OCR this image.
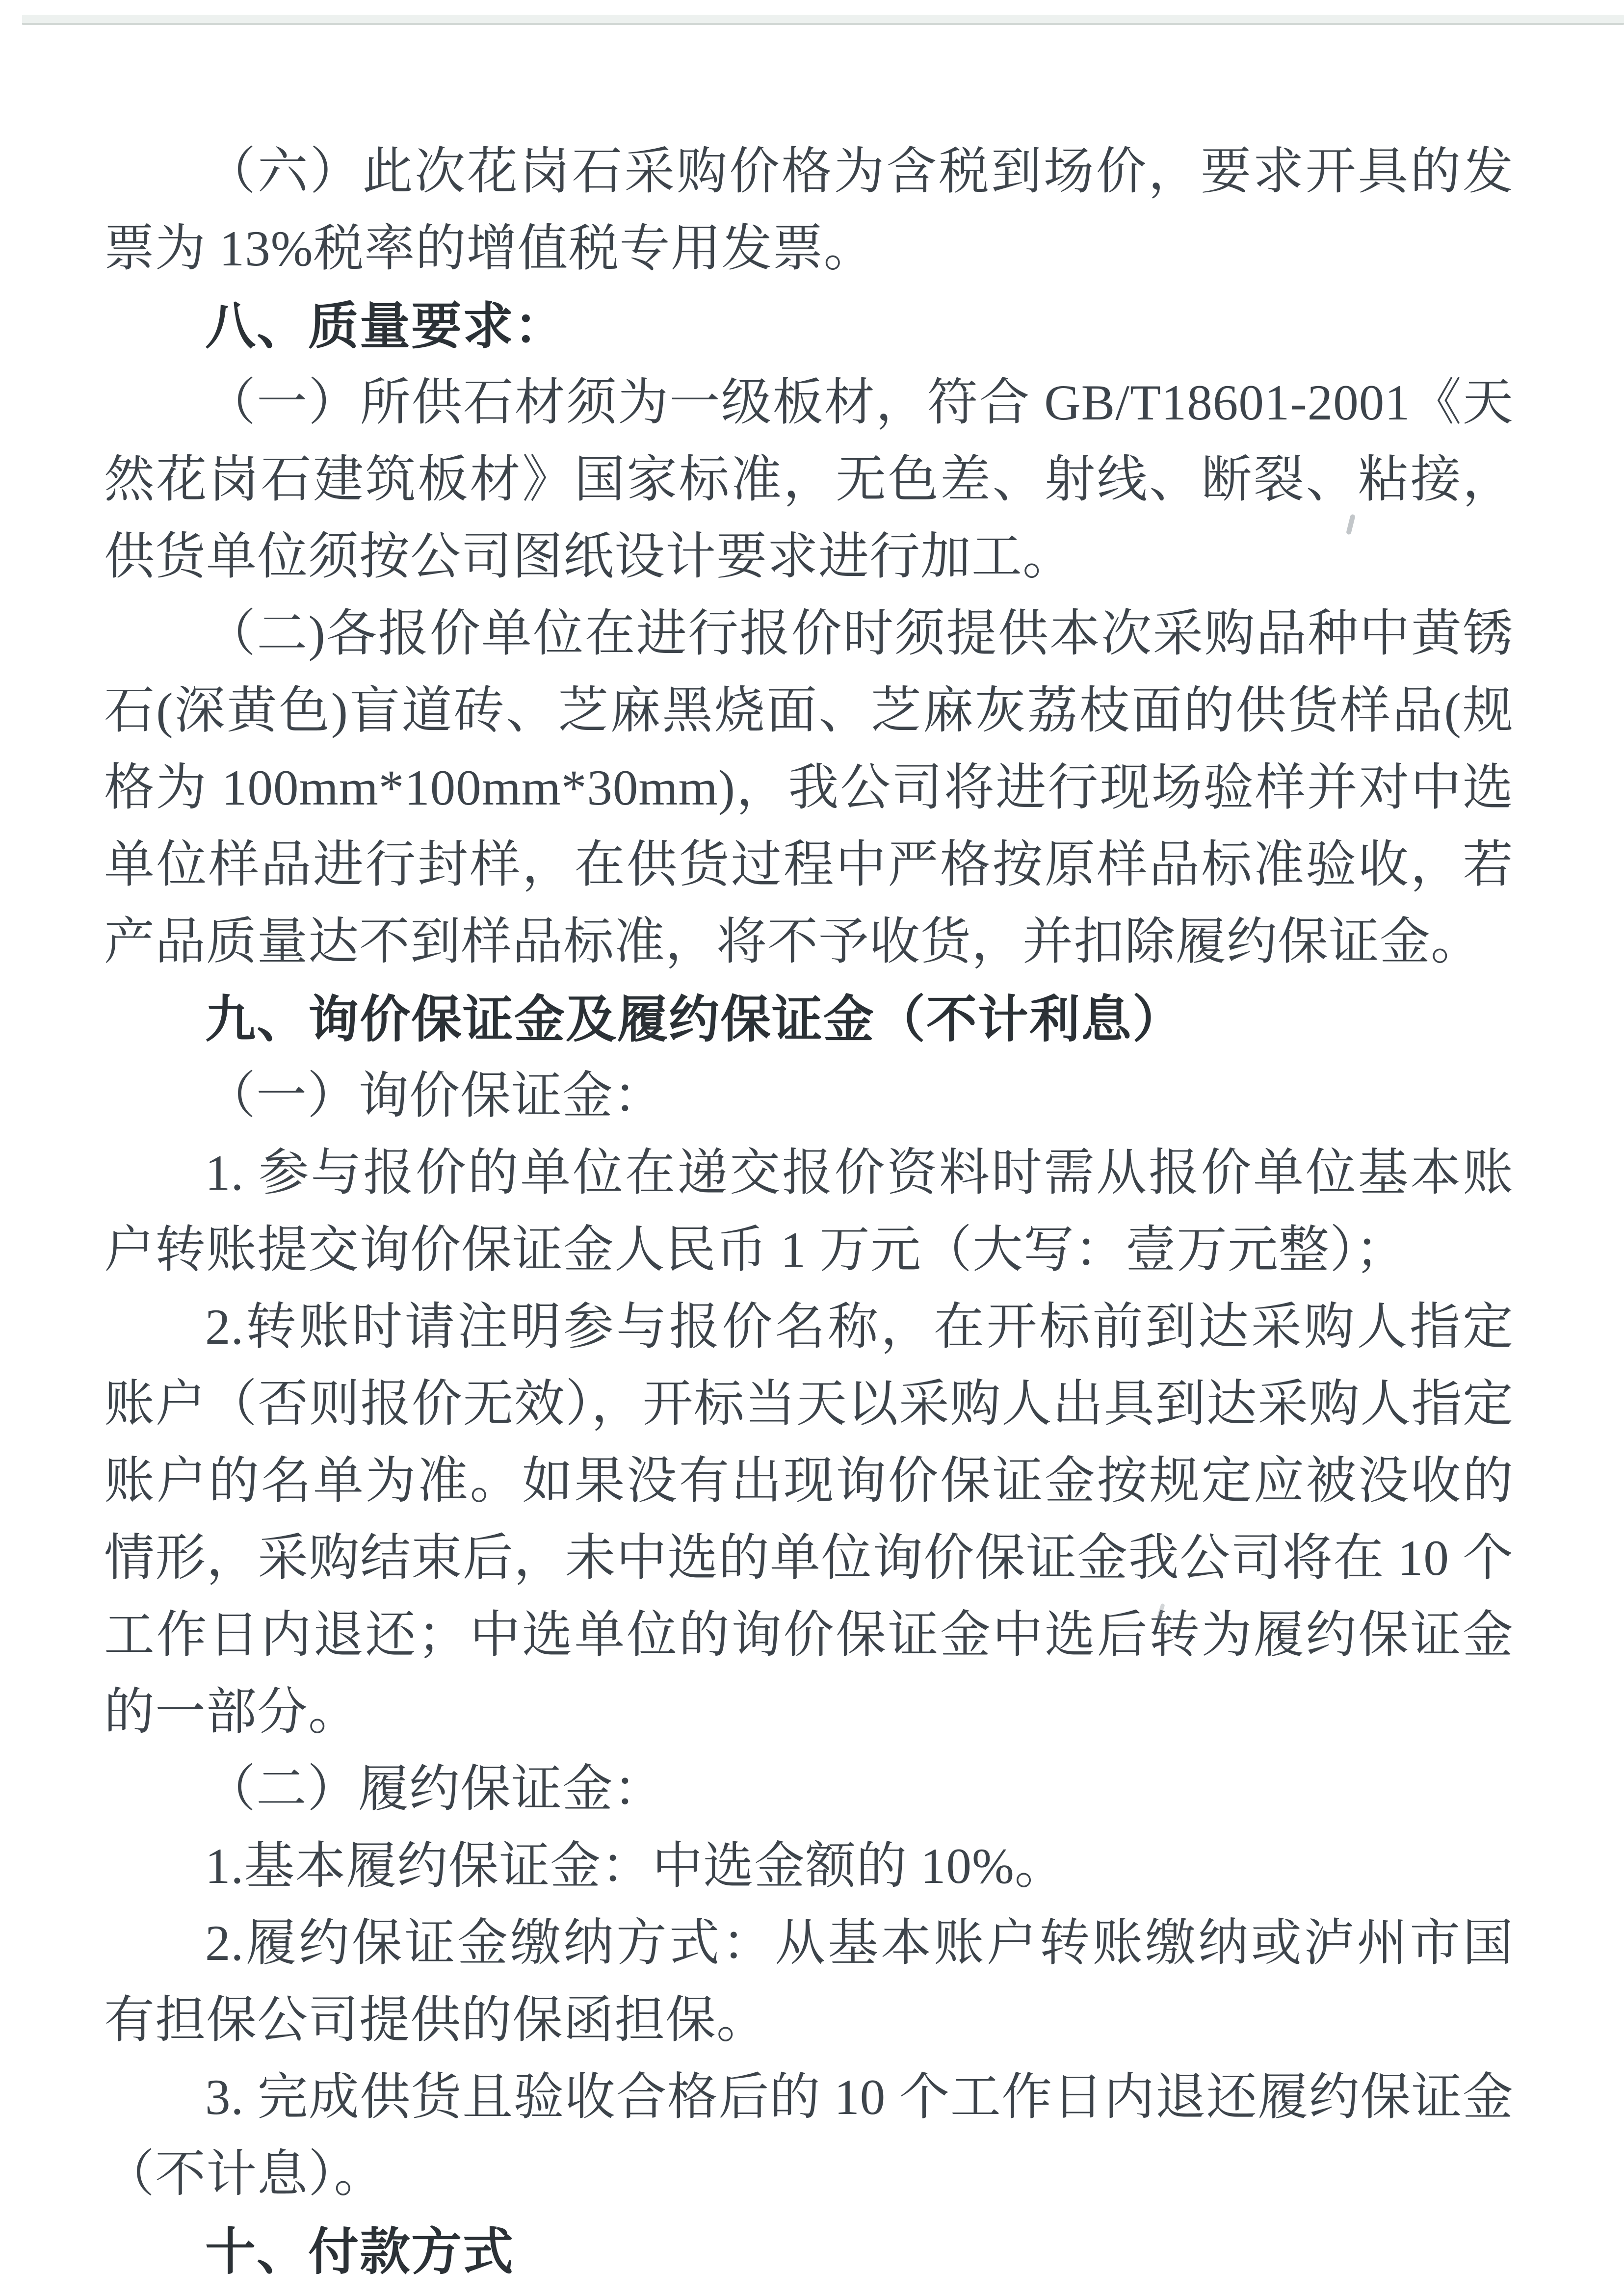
（六）此次花岗石采购价格为含税到场价，要求开具的发票为 13%税率的增值税专用发票。

八、质量要求：

（一）所供石材须为一级板材，符合 GB/T18601-2001《天然花岗石建筑板材》国家标准，无色差、射线、断裂、粘接，供货单位须按公司图纸设计要求进行加工。

（二)各报价单位在进行报价时须提供本次采购品种中黄锈石(深黄色)盲道砖、芝麻黑烧面、芝麻灰荔枝面的供货样品(规格为 100mm*100mm*30mm)，我公司将进行现场验样并对中选单位样品进行封样，在供货过程中严格按原样品标准验收，若产品质量达不到样品标准，将不予收货，并扣除履约保证金。

九、询价保证金及履约保证金（不计利息）

（一）询价保证金：

1. 参与报价的单位在递交报价资料时需从报价单位基本账户转账提交询价保证金人民币 1 万元（大写：壹万元整）；

2.转账时请注明参与报价名称，在开标前到达采购人指定账户（否则报价无效），开标当天以采购人出具到达采购人指定账户的名单为准。如果没有出现询价保证金按规定应被没收的情形，采购结束后，未中选的单位询价保证金我公司将在 10 个工作日内退还；中选单位的询价保证金中选后转为履约保证金的一部分。

（二）履约保证金：

1.基本履约保证金：中选金额的 10%。

2.履约保证金缴纳方式：从基本账户转账缴纳或泸州市国有担保公司提供的保函担保。

3. 完成供货且验收合格后的 10 个工作日内退还履约保证金（不计息）。

十、付款方式
